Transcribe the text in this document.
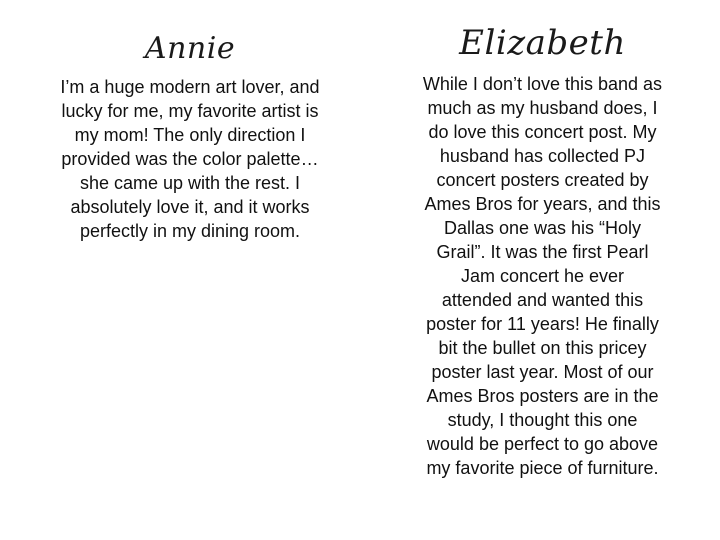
Annie

I’m a huge modern art lover, and
lucky for me, my favorite artist is
my mom! The only direction I
provided was the color palette…
she came up with the rest. I
absolutely love it, and it works
perfectly in my dining room.

Elizabeth

While I don’t love this band as
much as my husband does, I
do love this concert post. My
husband has collected PJ
concert posters created by
Ames Bros for years, and this
Dallas one was his “Holy
Grail”. It was the first Pearl
Jam concert he ever
attended and wanted this
poster for 11 years! He finally
bit the bullet on this pricey
poster last year. Most of our
Ames Bros posters are in the
study, I thought this one
would be perfect to go above
my favorite piece of furniture.
